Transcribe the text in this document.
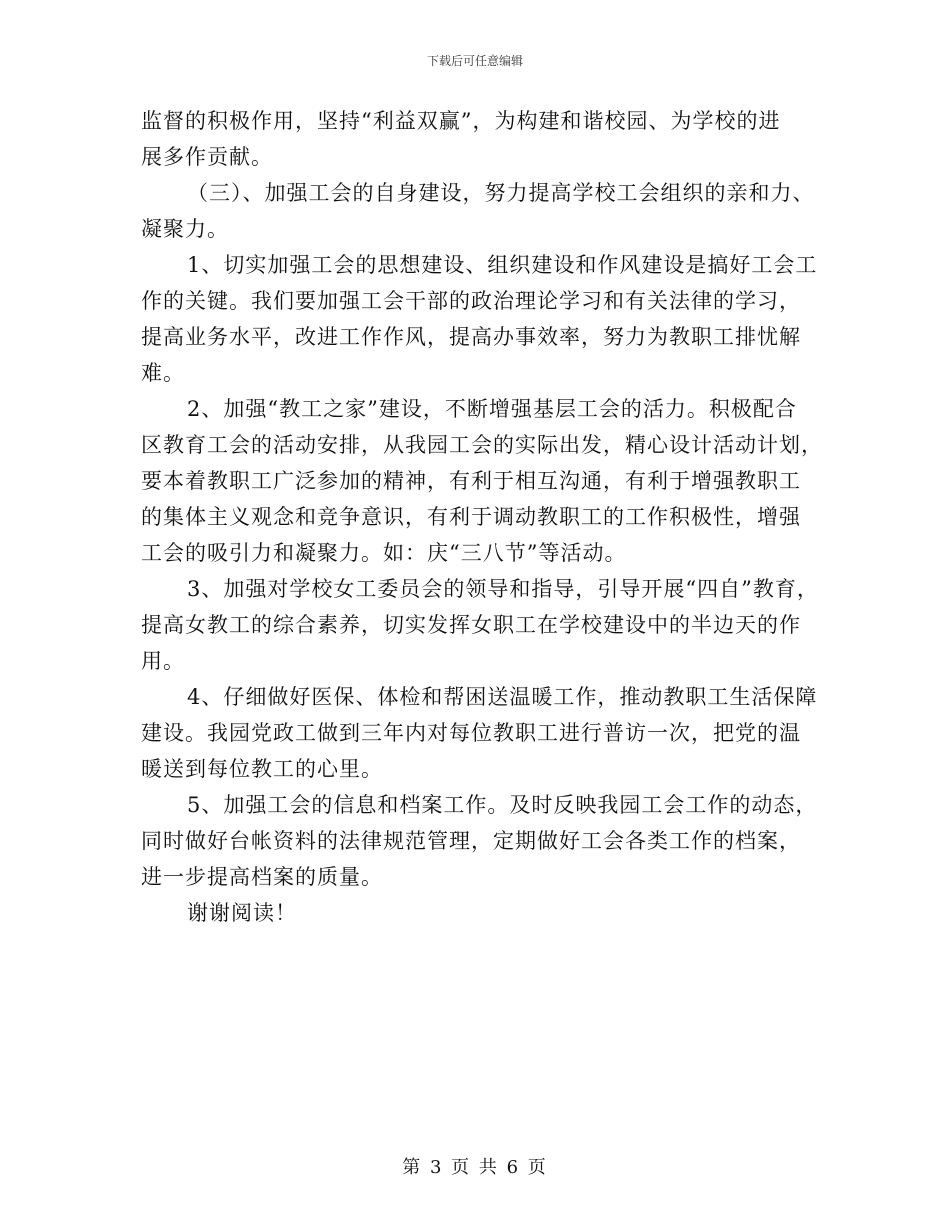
下载后可任意编辑

监督的积极作用，坚持“利益双赢”，为构建和谐校园、为学校的进
展多作贡献。

（三）、加强工会的自身建设，努力提高学校工会组织的亲和力、
凝聚力。

1、切实加强工会的思想建设、组织建设和作风建设是搞好工会工
作的关键。我们要加强工会干部的政治理论学习和有关法律的学习，
提高业务水平，改进工作作风，提高办事效率，努力为教职工排忧解
难。

2、加强“教工之家”建设，不断增强基层工会的活力。积极配合
区教育工会的活动安排，从我园工会的实际出发，精心设计活动计划，
要本着教职工广泛参加的精神，有利于相互沟通，有利于增强教职工
的集体主义观念和竞争意识，有利于调动教职工的工作积极性，增强
工会的吸引力和凝聚力。如：庆“三八节”等活动。

3、加强对学校女工委员会的领导和指导，引导开展“四自”教育，
提高女教工的综合素养，切实发挥女职工在学校建设中的半边天的作
用。

4、仔细做好医保、体检和帮困送温暖工作，推动教职工生活保障
建设。我园党政工做到三年内对每位教职工进行普访一次，把党的温
暖送到每位教工的心里。

5、加强工会的信息和档案工作。及时反映我园工会工作的动态，
同时做好台帐资料的法律规范管理，定期做好工会各类工作的档案，
进一步提高档案的质量。

谢谢阅读！

第 3 页 共 6 页
